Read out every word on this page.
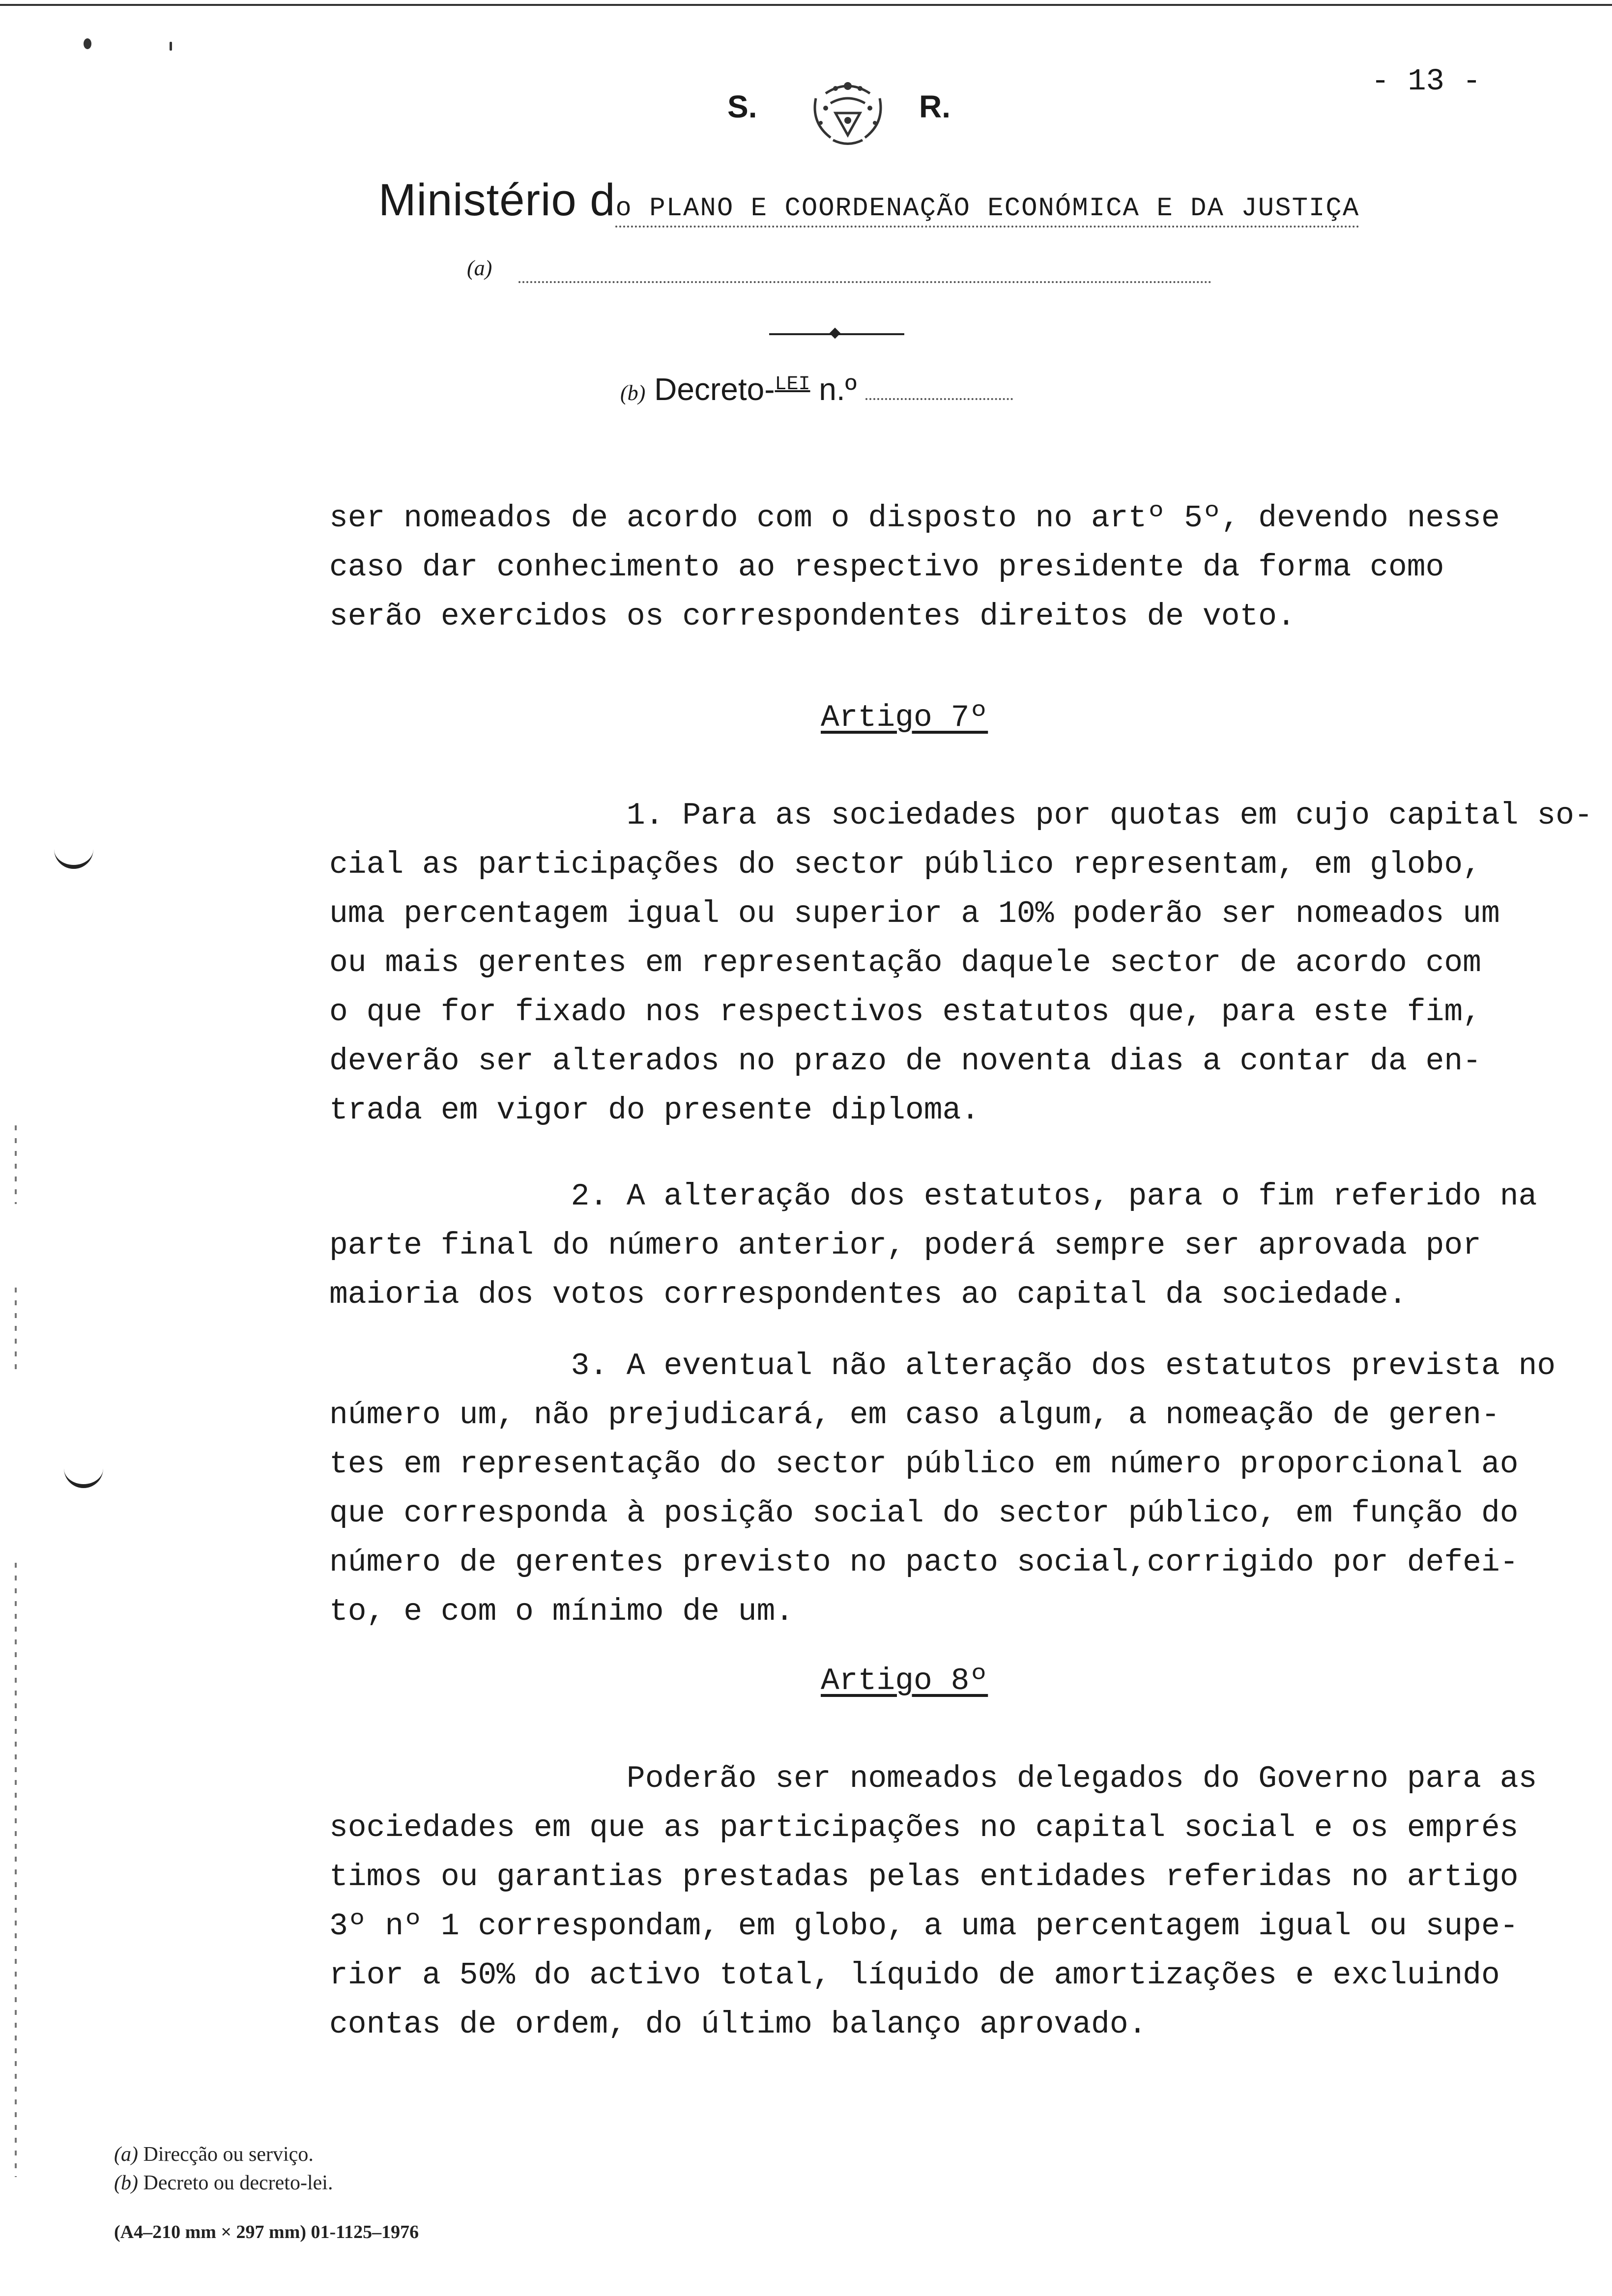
S.	R.
- 13 -
Ministério do PLANO E COORDENAÇÃO ECONÓMICA E DA JUSTIÇA
(a)
(b) Decreto-$^{LEI}$ n.º

ser nomeados de acordo com o disposto no artº 5º, devendo nesse
caso dar conhecimento ao respectivo presidente da forma como
serão exercidos os correspondentes direitos de voto.

Artigo 7º

1. Para as sociedades por quotas em cujo capital so-
cial as participações do sector público representam, em globo,
uma percentagem igual ou superior a 10% poderão ser nomeados um
ou mais gerentes em representação daquele sector de acordo com
o que for fixado nos respectivos estatutos que, para este fim,
deverão ser alterados no prazo de noventa dias a contar da en-
trada em vigor do presente diploma.

2. A alteração dos estatutos, para o fim referido na
parte final do número anterior, poderá sempre ser aprovada por
maioria dos votos correspondentes ao capital da sociedade.

3. A eventual não alteração dos estatutos prevista no
número um, não prejudicará, em caso algum, a nomeação de geren-
tes em representação do sector público em número proporcional ao
que corresponda à posição social do sector público, em função do
número de gerentes previsto no pacto social,corrigido por defei-
to, e com o mínimo de um.

Artigo 8º

Poderão ser nomeados delegados do Governo para as
sociedades em que as participações no capital social e os emprés
timos ou garantias prestadas pelas entidades referidas no artigo
3º nº 1 correspondam, em globo, a uma percentagem igual ou supe-
rior a 50% do activo total, líquido de amortizações e excluindo
contas de ordem, do último balanço aprovado.

(a) Direcção ou serviço.
(b) Decreto ou decreto-lei.
(A4–210 mm × 297 mm) 01-1125–1976
